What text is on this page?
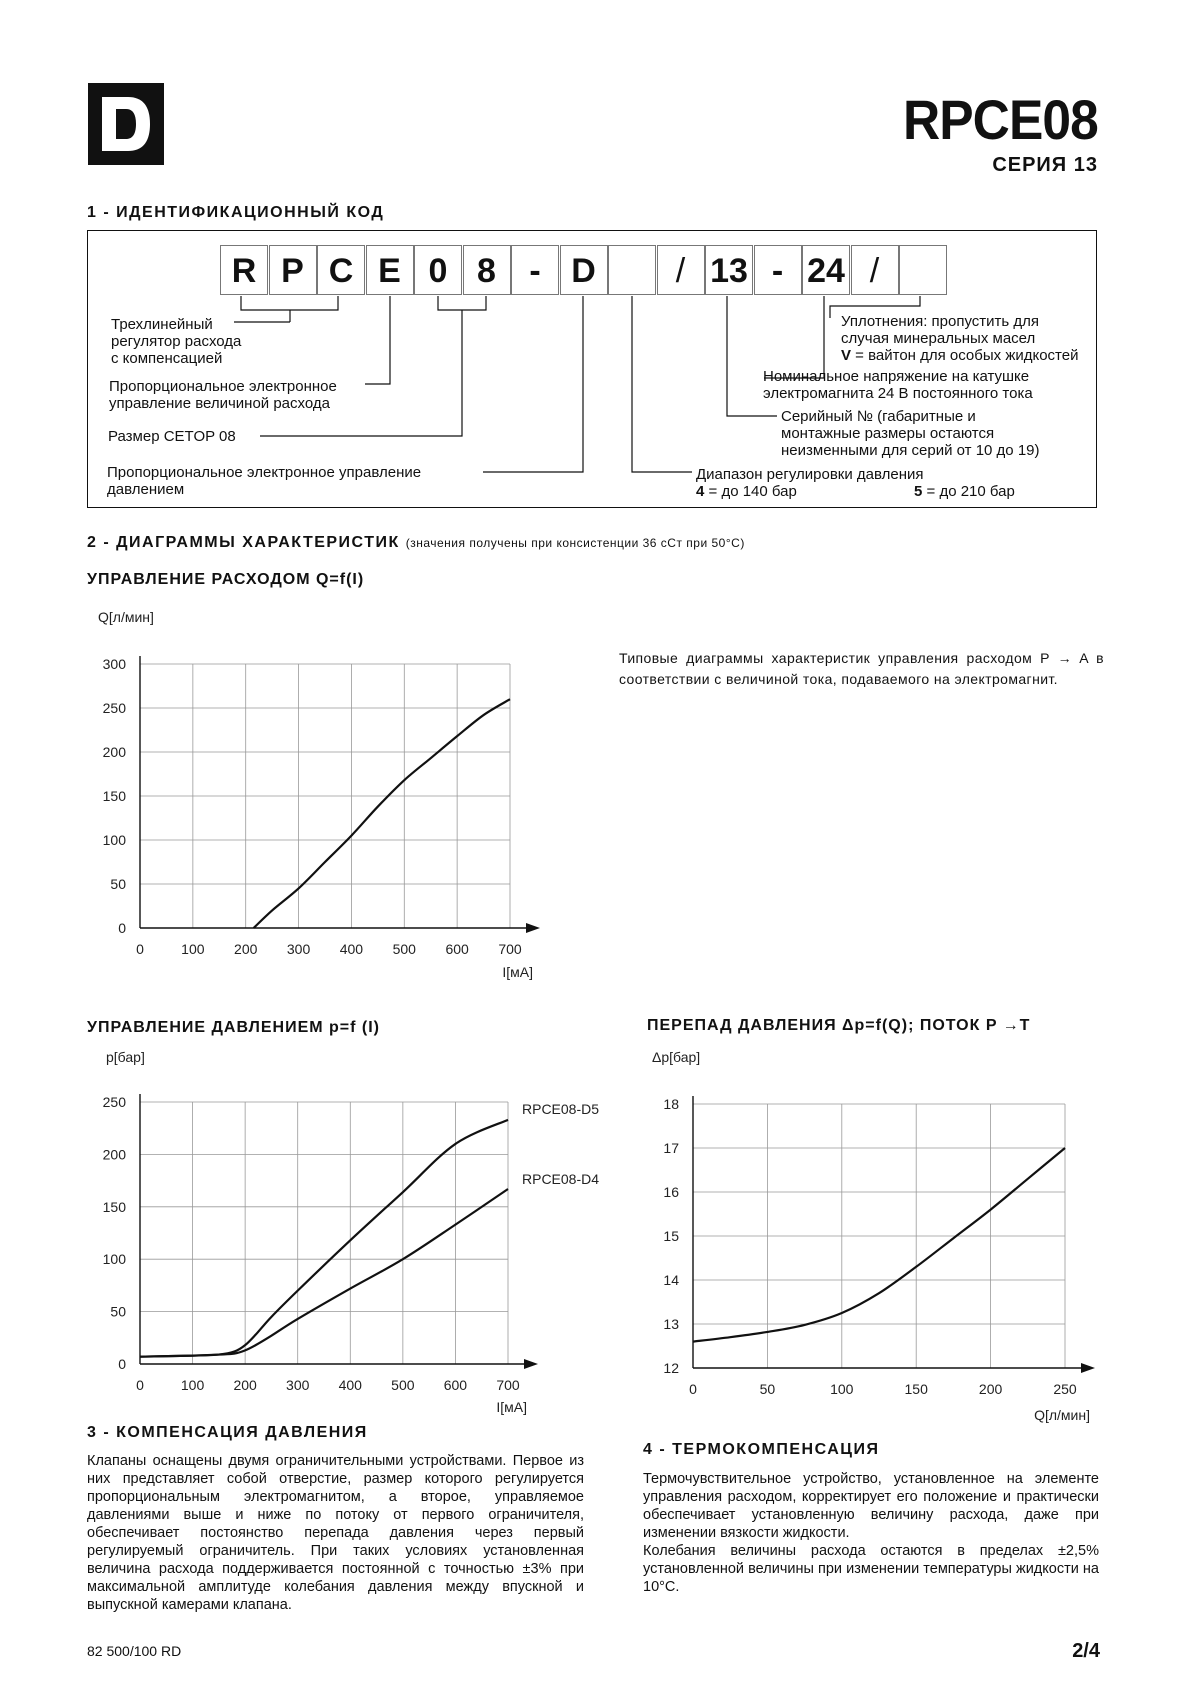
RPCE08
СЕРИЯ 13
1 - ИДЕНТИФИКАЦИОННЫЙ КОД
R P C E 0 8 - D	/ 13 - 24 /
Трехлинейный
регулятор расхода
с компенсацией
Пропорциональное электронное
управление величиной расхода
Размер CETOP 08
Пропорциональное электронное управление
давлением
Уплотнения: пропустить для
случая минеральных масел
V = вайтон для особых жидкостей
Номинальное напряжение на катушке
электромагнита 24 В постоянного тока
Серийный № (габаритные и
монтажные размеры остаются
неизменными для серий от 10 до 19)
Диапазон регулировки давления
4 = до 140 бар	5 = до 210 бар
2 - ДИАГРАММЫ ХАРАКТЕРИСТИК (значения получены при консистенции 36 сСт при 50°С)
УПРАВЛЕНИЕ РАСХОДОМ Q=f(I)
Типовые диаграммы характеристик управления расходом P → A в соответствии с величиной тока, подаваемого на электромагнит.
0	100 200 300 400 500 600 700
0
50
100
150
200
250
300
Q[л/мин]
I[мА]
УПРАВЛЕНИЕ ДАВЛЕНИЕМ p=f (I)	ПЕРЕПАД ДАВЛЕНИЯ Δp=f(Q); ПОТОК P →T
0	100 200 300 400 500 600 700
0
50
100
150
200
250
p[бар]
I[мА]
RPCE08-D5
RPCE08-D4
0	50	100	150	200	250
12
13
14
15
16
17
18
Δp[бар]
Q[л/мин]
3 - КОМПЕНСАЦИЯ ДАВЛЕНИЯ
Клапаны оснащены двумя ограничительными устройствами. Первое из них представляет собой отверстие, размер которого регулируется пропорциональным электромагнитом, а второе, управляемое давлениями выше и ниже по потоку от первого ограничителя, обеспечивает постоянство перепада давления через первый регулируемый ограничитель. При таких условиях установленная величина расхода поддерживается постоянной с точностью ±3% при максимальной амплитуде колебания давления между впускной и выпускной камерами клапана.
4 - ТЕРМОКОМПЕНСАЦИЯ
Термочувствительное устройство, установленное на элементе управления расходом, корректирует его положение и практически обеспечивает установленную величину расхода, даже при изменении вязкости жидкости.
Колебания величины расхода остаются в пределах ±2,5% установленной величины при изменении температуры жидкости на 10°С.
82 500/100 RD	2/4
